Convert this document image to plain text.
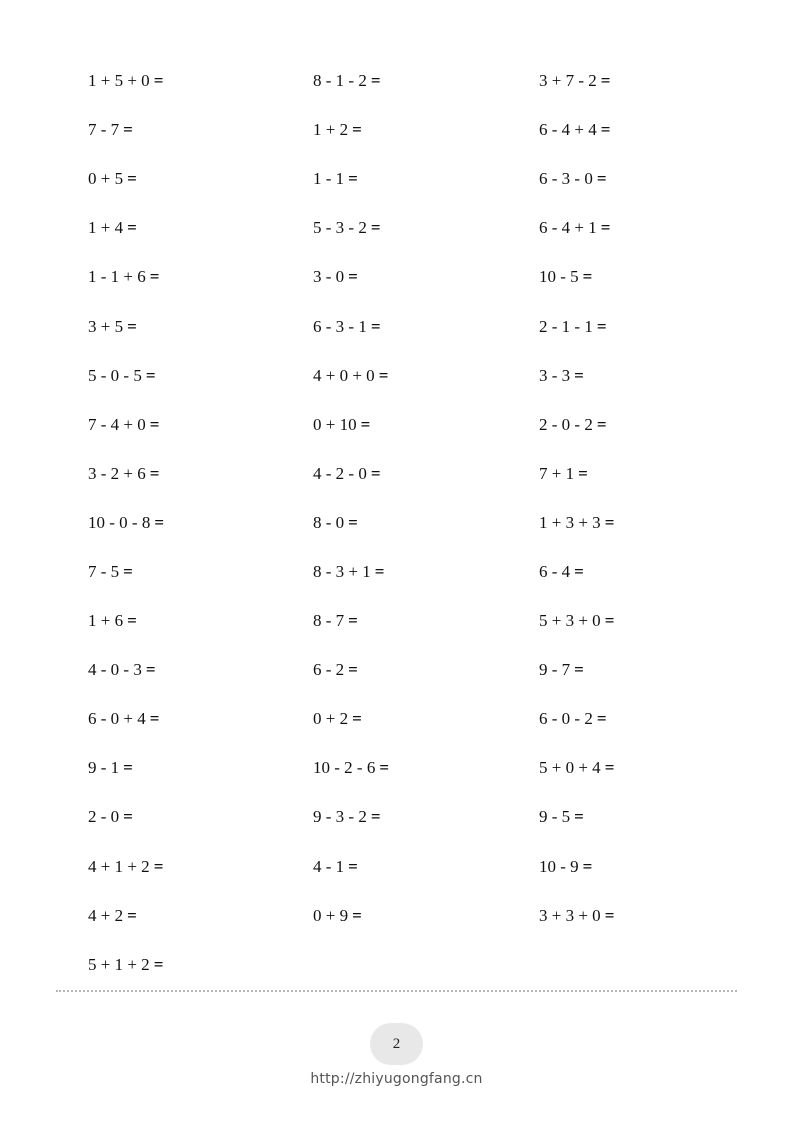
1 + 5 + 0 =	8 - 1 - 2 =	3 + 7 - 2 =
7 - 7 =	1 + 2 =	6 - 4 + 4 =
0 + 5 =	1 - 1 =	6 - 3 - 0 =
1 + 4 =	5 - 3 - 2 =	6 - 4 + 1 =
1 - 1 + 6 =	3 - 0 =	10 - 5 =
3 + 5 =	6 - 3 - 1 =	2 - 1 - 1 =
5 - 0 - 5 =	4 + 0 + 0 =	3 - 3 =
7 - 4 + 0 =	0 + 10 =	2 - 0 - 2 =
3 - 2 + 6 =	4 - 2 - 0 =	7 + 1 =
10 - 0 - 8 =	8 - 0 =	1 + 3 + 3 =
7 - 5 =	8 - 3 + 1 =	6 - 4 =
1 + 6 =	8 - 7 =	5 + 3 + 0 =
4 - 0 - 3 =	6 - 2 =	9 - 7 =
6 - 0 + 4 =	0 + 2 =	6 - 0 - 2 =
9 - 1 =	10 - 2 - 6 =	5 + 0 + 4 =
2 - 0 =	9 - 3 - 2 =	9 - 5 =
4 + 1 + 2 =	4 - 1 =	10 - 9 =
4 + 2 =	0 + 9 =	3 + 3 + 0 =
5 + 1 + 2 =
2
http://zhiyugongfang.cn
